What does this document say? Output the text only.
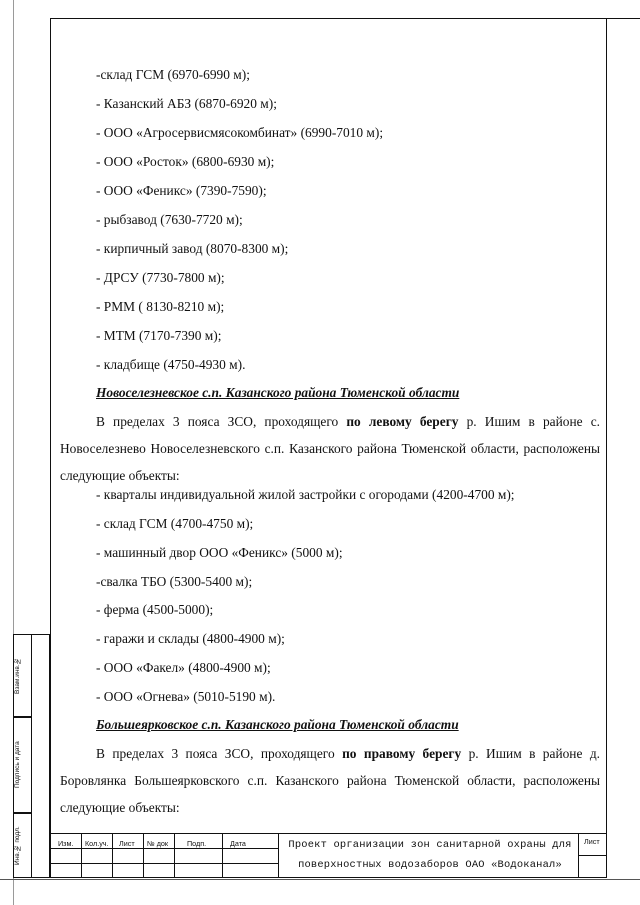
-склад ГСМ (6970-6990 м);
- Казанский АБЗ (6870-6920 м);
- ООО «Агросервисмясокомбинат» (6990-7010 м);
- ООО «Росток» (6800-6930 м);
- ООО «Феникс» (7390-7590);
- рыбзавод (7630-7720 м);
- кирпичный завод (8070-8300 м);
- ДРСУ (7730-7800 м);
- РММ ( 8130-8210 м);
- МТМ (7170-7390 м);
- кладбище (4750-4930 м).
Новоселезневское с.п. Казанского района Тюменской области
В пределах 3 пояса ЗСО, проходящего по левому берегу р. Ишим в районе с. Новоселезнево Новоселезневского с.п. Казанского района Тюменской области, расположены следующие объекты:
- кварталы индивидуальной жилой застройки с огородами (4200-4700 м);
- склад ГСМ (4700-4750 м);
- машинный двор ООО «Феникс» (5000 м);
-свалка ТБО (5300-5400 м);
- ферма (4500-5000);
- гаражи и склады (4800-4900 м);
- ООО «Факел» (4800-4900 м);
- ООО «Огнева» (5010-5190 м).
Большеярковское с.п. Казанского района Тюменской области
В пределах 3 пояса ЗСО, проходящего по правому берегу р. Ишим в районе д. Боровлянка Большеярковского с.п. Казанского района Тюменской области, расположены следующие объекты:
Взам.инв.№
Подпись и дата
Инв.№ подл.	Изм. Кол.уч. Лист № док	Подп.	Дата	Проект организации зон санитарной охраны для
поверхностных водозаборов ОАО «Водоканал»
Лист
